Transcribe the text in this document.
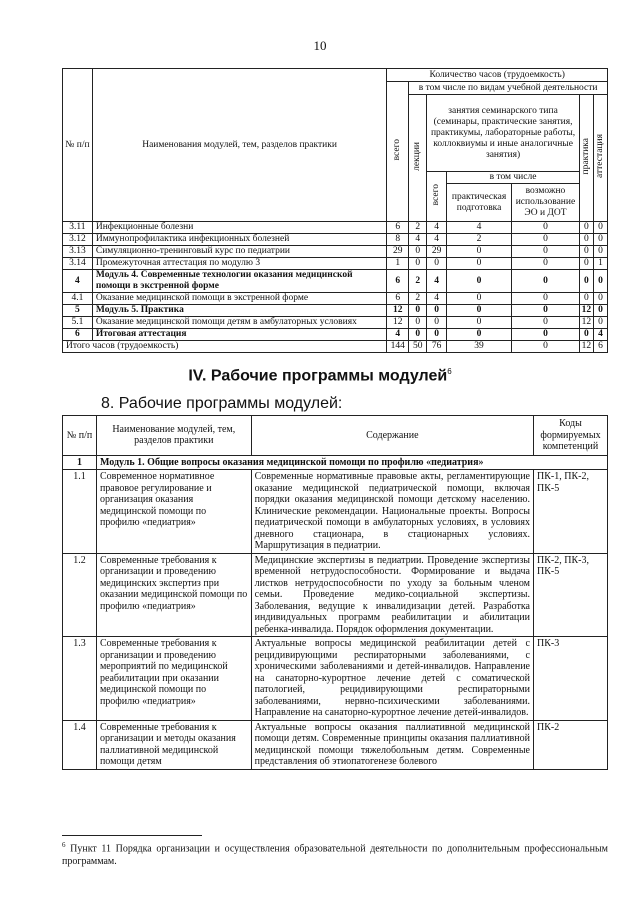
10
№ п/п	Наименования модулей, тем, разделов практики	Количество часов (трудоемкость)						
		всего	в том числе по видам учебной деятельности					
			лекции	занятия семинарского типа (семинары, практические занятия, практикумы, лабораторные работы, коллоквиумы и иные аналогичные занятия)			практика	аттестация
				всего	в том числе			
					практическая подготовка	возможно использование ЭО и ДОТ		
3.11	Инфекционные болезни	6	2	4	4	0	0	0
3.12	Иммунопрофилактика инфекционных болезней	8	4	4	2	0	0	0
3.13	Симуляционно-тренинговый курс по педиатрии	29	0	29	0	0	0	0
3.14	Промежуточная аттестация по модулю 3	1	0	0	0	0	0	1
4	Модуль 4. Современные технологии оказания медицинской помощи в экстренной форме	6	2	4	0	0	0	0
4.1	Оказание медицинской помощи в экстренной форме	6	2	4	0	0	0	0
5	Модуль 5. Практика	12	0	0	0	0	12	0
5.1	Оказание медицинской помощи детям в амбулаторных условиях	12	0	0	0	0	12	0
6	Итоговая аттестация	4	0	0	0	0	0	4
Итого часов (трудоемкость)		144	50	76	39	0	12	6
IV. Рабочие программы модулей$^6$
8. Рабочие программы модулей:
№ п/п	Наименование модулей, тем, разделов практики	Содержание	Коды формируемых компетенций
1	Модуль 1. Общие вопросы оказания медицинской помощи по профилю «педиатрия»		
1.1	Современное нормативное правовое регулирование и организация оказания медицинской помощи по профилю «педиатрия»	Современные нормативные правовые акты, регламентирующие оказание медицинской педиатрической помощи, включая порядки оказания медицинской помощи детскому населению. Клинические рекомендации. Национальные проекты. Вопросы педиатрической помощи в амбулаторных условиях, в условиях дневного стационара, в стационарных условиях. Маршрутизация в педиатрии.	ПК-1, ПК-2, ПК-5
1.2	Современные требования к организации и проведению медицинских экспертиз при оказании медицинской помощи по профилю «педиатрия»	Медицинские экспертизы в педиатрии. Проведение экспертизы временной нетрудоспособности. Формирование и выдача листков нетрудоспособности по уходу за больным членом семьи. Проведение медико-социальной экспертизы. Заболевания, ведущие к инвалидизации детей. Разработка индивидуальных программ реабилитации и абилитации ребенка-инвалида. Порядок оформления документации.	ПК-2, ПК-3, ПК-5
1.3	Современные требования к организации и проведению мероприятий по медицинской реабилитации при оказании медицинской помощи по профилю «педиатрия»	Актуальные вопросы медицинской реабилитации детей с рецидивирующими респираторными заболеваниями, с хроническими заболеваниями и детей-инвалидов. Направление на санаторно-курортное лечение детей с соматической патологией, рецидивирующими респираторными заболеваниями, нервно-психическими заболеваниями. Направление на санаторно-курортное лечение детей-инвалидов.	ПК-3
1.4	Современные требования к организации и методы оказания паллиативной медицинской помощи детям	Актуальные вопросы оказания паллиативной медицинской помощи детям. Современные принципы оказания паллиативной медицинской помощи тяжелобольным детям. Современные представления об этиопатогенезе болевого	ПК-2
$^6$ Пункт 11 Порядка организации и осуществления образовательной деятельности по дополнительным профессиональным программам.
